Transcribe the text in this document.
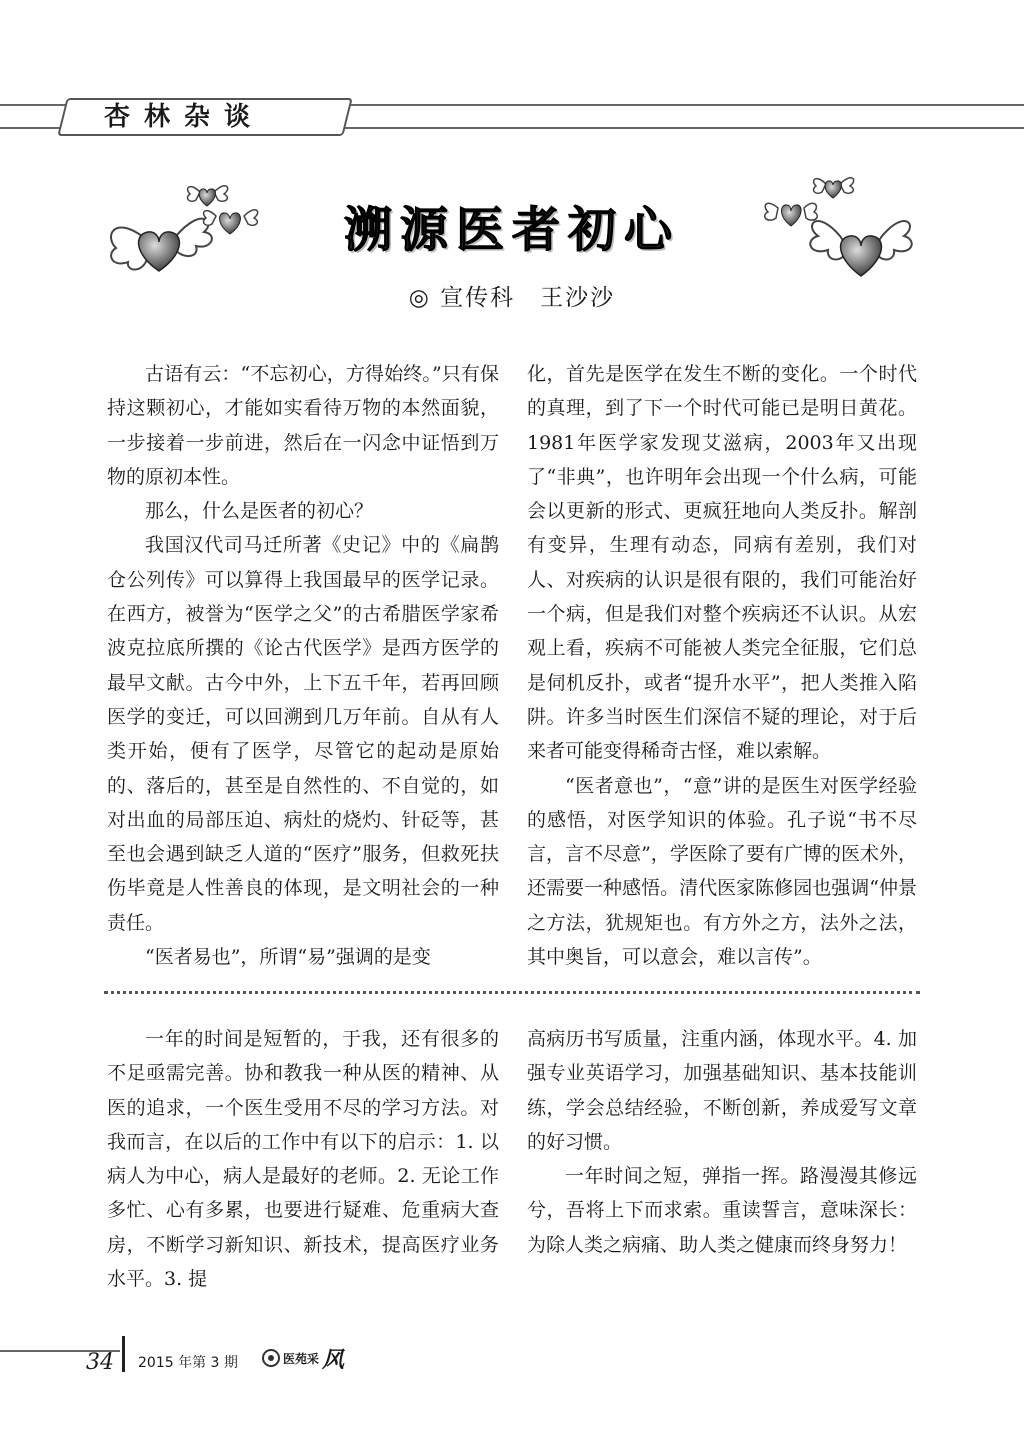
杏林杂谈
溯源医者初心
◎ 宣传科　王沙沙

古语有云：“不忘初心，方得始终。”只有保持这颗初心，才能如实看待万物的本然面貌，一步接着一步前进，然后在一闪念中证悟到万物的原初本性。

那么，什么是医者的初心？

我国汉代司马迁所著《史记》中的《扁鹊仓公列传》可以算得上我国最早的医学记录。在西方，被誉为“医学之父”的古希腊医学家希波克拉底所撰的《论古代医学》是西方医学的最早文献。古今中外，上下五千年，若再回顾医学的变迁，可以回溯到几万年前。自从有人类开始，便有了医学，尽管它的起动是原始的、落后的，甚至是自然性的、不自觉的，如对出血的局部压迫、病灶的烧灼、针砭等，甚至也会遇到缺乏人道的“医疗”服务，但救死扶伤毕竟是人性善良的体现，是文明社会的一种责任。

“医者易也”，所谓“易”强调的是变

化，首先是医学在发生不断的变化。一个时代的真理，到了下一个时代可能已是明日黄花。1981年医学家发现艾滋病，2003年又出现了“非典”，也许明年会出现一个什么病，可能会以更新的形式、更疯狂地向人类反扑。解剖有变异，生理有动态，同病有差别，我们对人、对疾病的认识是很有限的，我们可能治好一个病，但是我们对整个疾病还不认识。从宏观上看，疾病不可能被人类完全征服，它们总是伺机反扑，或者“提升水平”，把人类推入陷阱。许多当时医生们深信不疑的理论，对于后来者可能变得稀奇古怪，难以索解。

“医者意也”，“意”讲的是医生对医学经验的感悟，对医学知识的体验。孔子说“书不尽言，言不尽意”，学医除了要有广博的医术外，还需要一种感悟。清代医家陈修园也强调“仲景之方法，犹规矩也。有方外之方，法外之法，其中奥旨，可以意会，难以言传”。

一年的时间是短暂的，于我，还有很多的不足亟需完善。协和教我一种从医的精神、从医的追求，一个医生受用不尽的学习方法。对我而言，在以后的工作中有以下的启示：1. 以病人为中心，病人是最好的老师。2. 无论工作多忙、心有多累，也要进行疑难、危重病大查房，不断学习新知识、新技术，提高医疗业务水平。3. 提

高病历书写质量，注重内涵，体现水平。4. 加强专业英语学习，加强基础知识、基本技能训练，学会总结经验，不断创新，养成爱写文章的好习惯。

一年时间之短，弹指一挥。路漫漫其修远兮，吾将上下而求索。重读誓言，意味深长：为除人类之病痛、助人类之健康而终身努力！

34	2015 年第 3 期	医苑采 风
